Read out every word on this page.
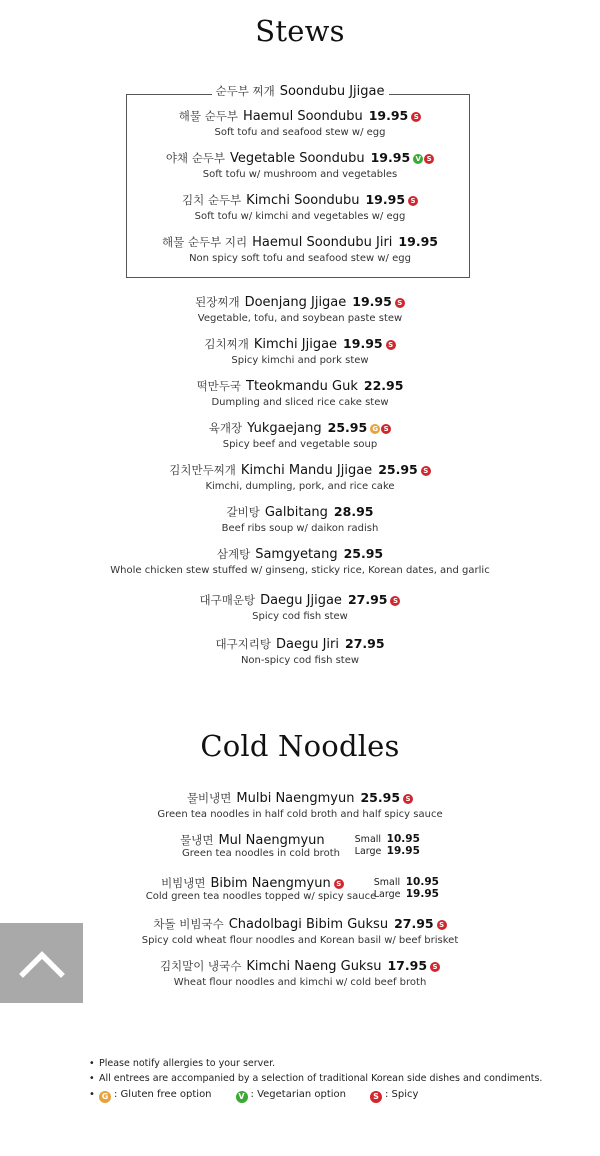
Stews
순두부 찌개 Soondubu Jjigae
해물 순두부 Haemul Soondubu 19.95 S
Soft tofu and seafood stew w/ egg
야채 순두부 Vegetable Soondubu 19.95 V S
Soft tofu w/ mushroom and vegetables
김치 순두부 Kimchi Soondubu 19.95 S
Soft tofu w/ kimchi and vegetables w/ egg
해물 순두부 지리 Haemul Soondubu Jiri 19.95
Non spicy soft tofu and seafood stew w/ egg
된장찌개 Doenjang Jjigae 19.95 S
Vegetable, tofu, and soybean paste stew
김치찌개 Kimchi Jjigae 19.95 S
Spicy kimchi and pork stew
떡만두국 Tteokmandu Guk 22.95
Dumpling and sliced rice cake stew
육개장 Yukgaejang 25.95 G S
Spicy beef and vegetable soup
김치만두찌개 Kimchi Mandu Jjigae 25.95 S
Kimchi, dumpling, pork, and rice cake
갈비탕 Galbitang 28.95
Beef ribs soup w/ daikon radish
삼계탕 Samgyetang 25.95
Whole chicken stew stuffed w/ ginseng, sticky rice, Korean dates, and garlic
대구매운탕 Daegu Jjigae 27.95 S
Spicy cod fish stew
대구지리탕 Daegu Jiri 27.95
Non-spicy cod fish stew
Cold Noodles
물비냉면 Mulbi Naengmyun 25.95 S
Green tea noodles in half cold broth and half spicy sauce
물냉면 Mul Naengmyun	Small 10.95
Large 19.95
Green tea noodles in cold broth
비빔냉면 Bibim Naengmyun S	Small 10.95
Large 19.95
Cold green tea noodles topped w/ spicy sauce
차돌 비빔국수 Chadolbagi Bibim Guksu 27.95 S
Spicy cold wheat flour noodles and Korean basil w/ beef brisket
김치말이 냉국수 Kimchi Naeng Guksu 17.95 S
Wheat flour noodles and kimchi w/ cold beef broth
• Please notify allergies to your server.
• All entrees are accompanied by a selection of traditional Korean side dishes and condiments.
• G : Gluten free option	V : Vegetarian option	S : Spicy
